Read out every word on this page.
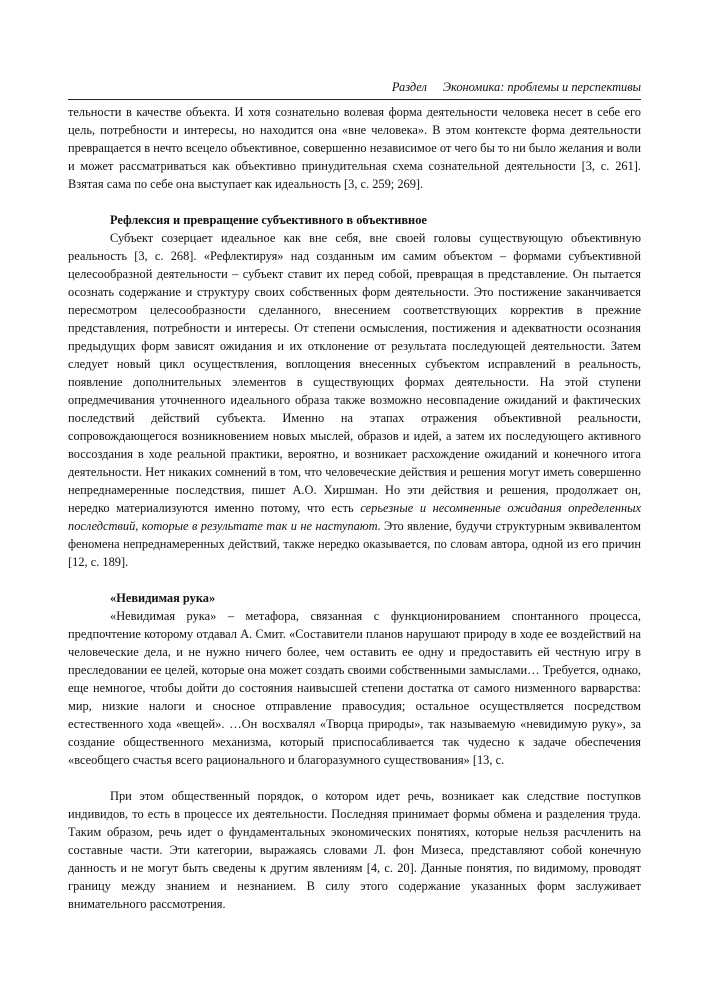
Раздел Экономика: проблемы и перспективы

тельности в качестве объекта. И хотя сознательно волевая форма деятельности человека несет в себе его цель, потребности и интересы, но находится она «вне человека». В этом контексте форма деятельности превращается в нечто всецело объективное, совершенно независимое от чего бы то ни было желания и воли и может рассматриваться как объективно принудительная схема сознательной деятельности [3, с. 261]. Взятая сама по себе она выступает как идеальность [3, с. 259; 269].

Рефлексия и превращение субъективного в объективное

Субъект созерцает идеальное как вне себя, вне своей головы существующую объективную реальность [3, с. 268]. «Рефлектируя» над созданным им самим объектом – формами субъективной целесообразной деятельности – субъект ставит их перед собой, превращая в представление. Он пытается осознать содержание и структуру своих собственных форм деятельности. Это постижение заканчивается пересмотром целесообразности сделанного, внесением соответствующих корректив в прежние представления, потребности и интересы. От степени осмысления, постижения и адекватности осознания предыдущих форм зависят ожидания и их отклонение от результата последующей деятельности. Затем следует новый цикл осуществления, воплощения внесенных субъектом исправлений в реальность, появление дополнительных элементов в существующих формах деятельности. На этой ступени опредмечивания уточненного идеального образа также возможно несовпадение ожиданий и фактических последствий действий субъекта. Именно на этапах отражения объективной реальности, сопровождающегося возникновением новых мыслей, образов и идей, а затем их последующего активного воссоздания в ходе реальной практики, вероятно, и возникает расхождение ожиданий и конечного итога деятельности. Нет никаких сомнений в том, что человеческие действия и решения могут иметь совершенно непреднамеренные последствия, пишет А.О. Хиршман. Но эти действия и решения, продолжает он, нередко материализуются именно потому, что есть серьезные и несомненные ожидания определенных последствий, которые в результате так и не наступают. Это явление, будучи структурным эквивалентом феномена непреднамеренных действий, также нередко оказывается, по словам автора, одной из его причин [12, с. 189].

«Невидимая рука»

«Невидимая рука» – метафора, связанная с функционированием спонтанного процесса, предпочтение которому отдавал А. Смит. «Составители планов нарушают природу в ходе ее воздействий на человеческие дела, и не нужно ничего более, чем оставить ее одну и предоставить ей честную игру в преследовании ее целей, которые она может создать своими собственными замыслами… Требуется, однако, еще немногое, чтобы дойти до состояния наивысшей степени достатка от самого низменного варварства: мир, низкие налоги и сносное отправление правосудия; остальное осуществляется посредством естественного хода «вещей». …Он восхвалял «Творца природы», так называемую «невидимую руку», за создание общественного механизма, который приспосабливается так чудесно к задаче обеспечения «всеобщего счастья всего рационального и благоразумного существования» [13, с.

При этом общественный порядок, о котором идет речь, возникает как следствие поступков индивидов, то есть в процессе их деятельности. Последняя принимает формы обмена и разделения труда. Таким образом, речь идет о фундаментальных экономических понятиях, которые нельзя расчленить на составные части. Эти категории, выражаясь словами Л. фон Мизеса, представляют собой конечную данность и не могут быть сведены к другим явлениям [4, с. 20]. Данные понятия, по видимому, проводят границу между знанием и незнанием. В силу этого содержание указанных форм заслуживает внимательного рассмотрения.
